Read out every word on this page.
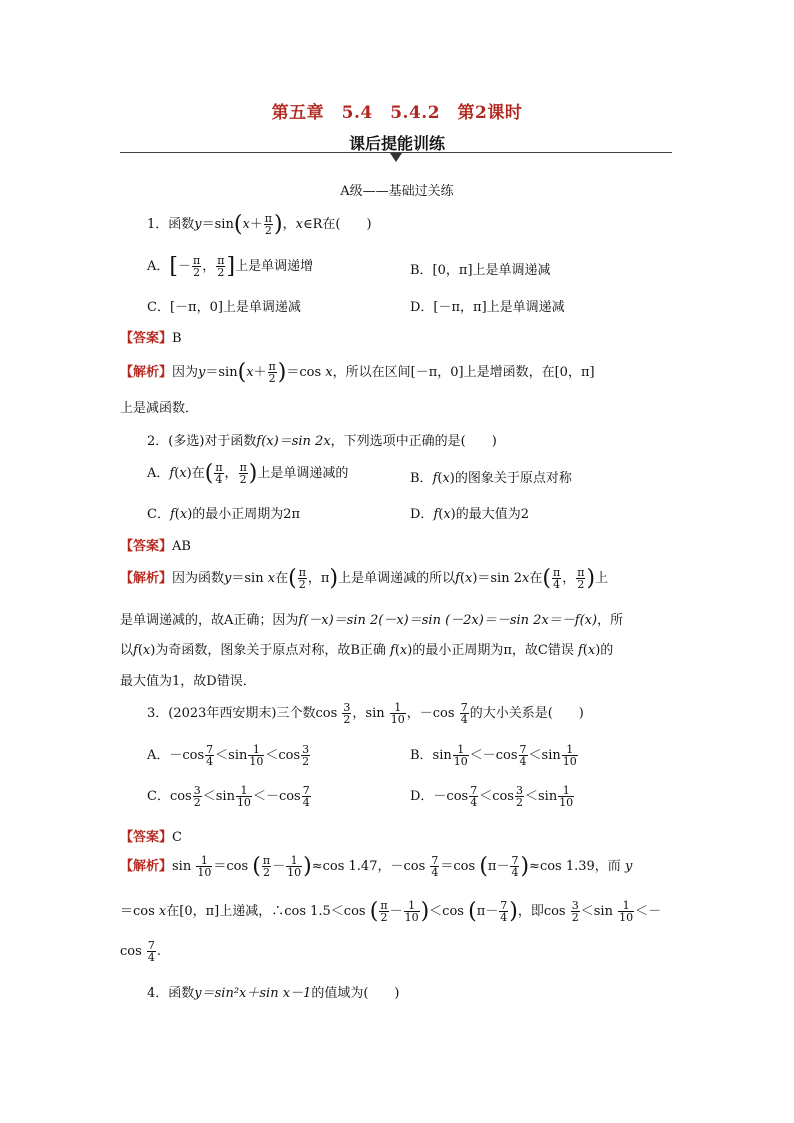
第五章　5.4　5.4.2　第2课时
课后提能训练
A级——基础过关练
1．函数$y=\sin(x+ \frac{\pi}{2}$ )，x∈R在(　　)
A．[－ $\frac{\pi}{2}$ ， $\frac{\pi}{2}$ ]上是单调递增	B．[0，π]上是单调递减
C．[－π，0]上是单调递减	D．[－π，π]上是单调递减
【答案】B
【解析】因为$y=\sin(x+ \frac{\pi}{2} )=\cos$ x，所以在区间[－π，0]上是增函数，在[0，π]
上是减函数．
2．(多选)对于函数f(x)＝sin 2x，下列选项中正确的是(　　)
A．f(x)在( $\frac{\pi}{4}$ ， $\frac{\pi}{2}$ )上是单调递减的	B．f(x)的图象关于原点对称
C．f(x)的最小正周期为2π	D．f(x)的最大值为2
【答案】AB
【解析】因为函数y＝sin x在( $\frac{\pi}{2}$ ，π)上是单调递减的所以f(x)＝sin 2x在( $\frac{\pi}{4}$ ， $\frac{\pi}{2}$ )上
是单调递减的，故A正确；因为f(－x)＝sin 2(－x)＝sin (－2x)＝－sin 2x＝－f(x)，所
以f(x)为奇函数，图象关于原点对称，故B正确 f(x)的最小正周期为π，故C错误 f(x)的
最大值为1，故D错误．
3．(2023年西安期末)三个数$\cos \frac{3}{2}$ ，$\sin \frac{1}{10}$ ，$-\cos \frac{7}{4}$ 的大小关系是(　　)
A．$-\cos \frac{7}{4} <\sin \frac{1}{10} <\cos \frac{3}{2}$	B．$\sin \frac{1}{10} <-\cos \frac{7}{4} <\sin \frac{1}{10}$
C．$\cos \frac{3}{2} <\sin \frac{1}{10} <-\cos \frac{7}{4}$	D．$-\cos \frac{7}{4} <\cos \frac{3}{2} <\sin \frac{1}{10}$
【答案】C
【解析】$\sin \frac{1}{10} =\cos$ ( $\frac{\pi}{2} - \frac{1}{10} )\approx\cos$ 1.47，$-\cos \frac{7}{4} =\cos$ $(\pi- \frac{7}{4} )\approx\cos$ 1.39，而 y
＝cos x在[0，π]上递减，∴cos 1.5＜cos ( $\frac{\pi}{2} - \frac{1}{10} )<\cos$ ($\pi- \frac{7}{4}$ )，即$\cos \frac{3}{2} <\sin \frac{1}{10}$ ＜－
$\cos \frac{7}{4}$ .
4．函数y＝sin²x＋sin x－1的值域为(　　)
